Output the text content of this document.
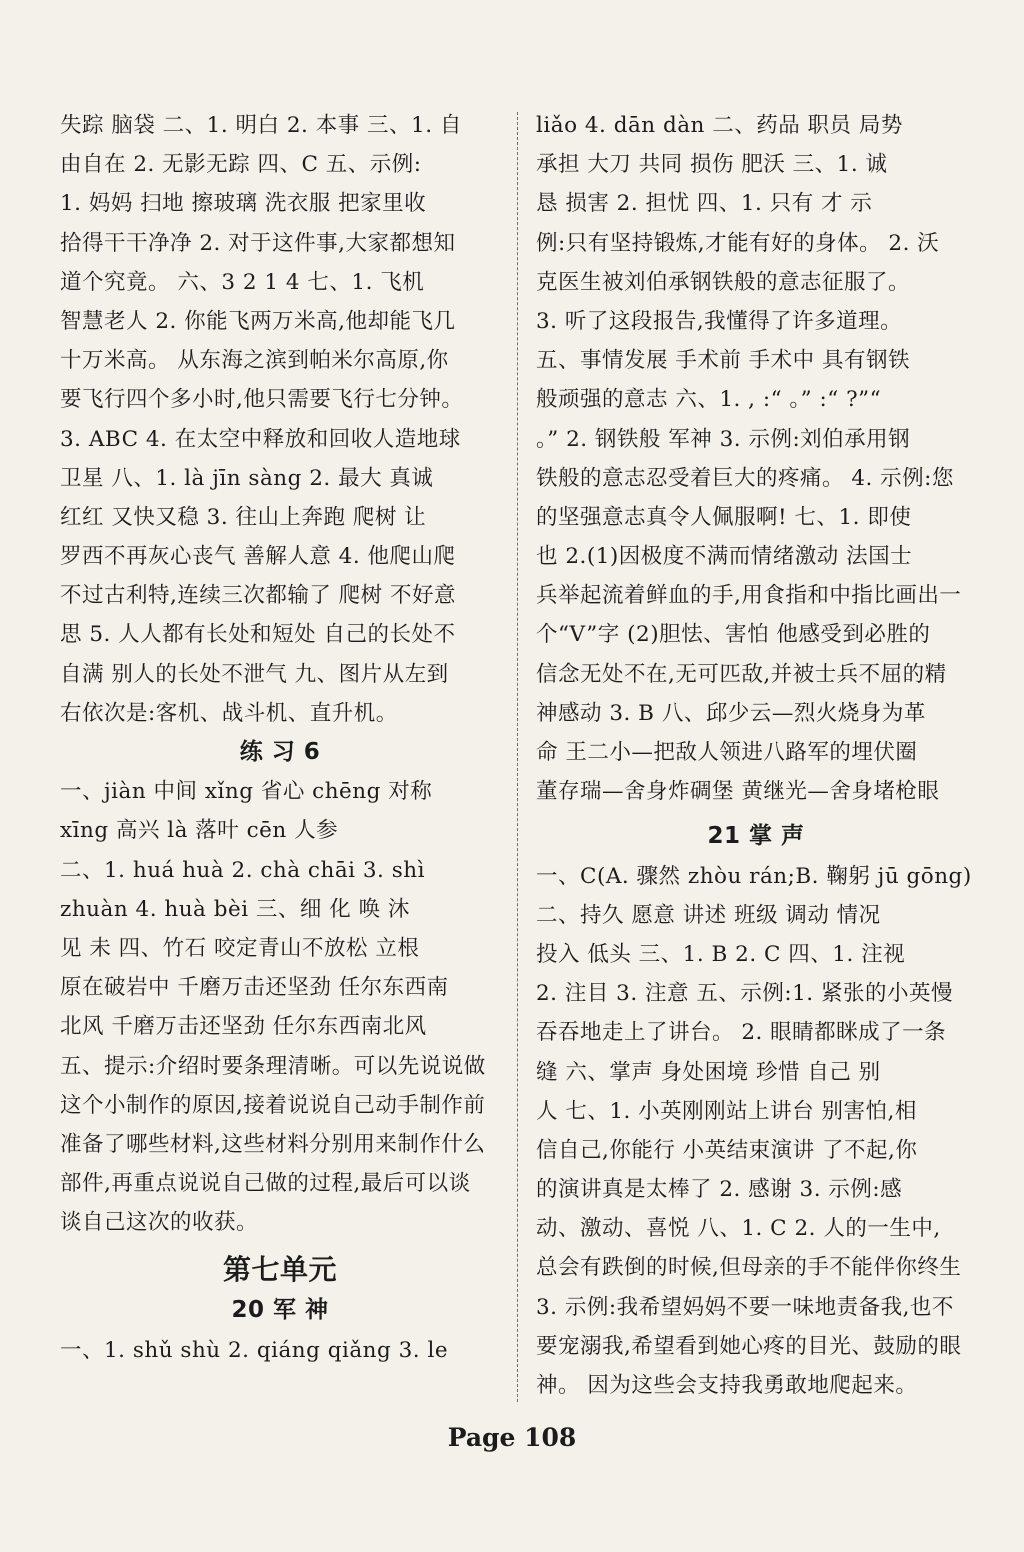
失踪 脑袋 二、1. 明白 2. 本事 三、1. 自
由自在 2. 无影无踪 四、C 五、示例:
1. 妈妈 扫地 擦玻璃 洗衣服 把家里收
拾得干干净净 2. 对于这件事,大家都想知
道个究竟。 六、3 2 1 4 七、1. 飞机
智慧老人 2. 你能飞两万米高,他却能飞几
十万米高。 从东海之滨到帕米尔高原,你
要飞行四个多小时,他只需要飞行七分钟。
3. ABC 4. 在太空中释放和回收人造地球
卫星 八、1. là jīn sàng 2. 最大 真诚
红红 又快又稳 3. 往山上奔跑 爬树 让
罗西不再灰心丧气 善解人意 4. 他爬山爬
不过古利特,连续三次都输了 爬树 不好意
思 5. 人人都有长处和短处 自己的长处不
自满 别人的长处不泄气 九、图片从左到
右依次是:客机、战斗机、直升机。
练 习 6
一、jiàn 中间 xǐng 省心 chēng 对称
xīng 高兴 là 落叶 cēn 人参
二、1. huá huà 2. chà chāi 3. shì
zhuàn 4. huà bèi 三、细 化 唤 沐
见 未 四、竹石 咬定青山不放松 立根
原在破岩中 千磨万击还坚劲 任尔东西南
北风 千磨万击还坚劲 任尔东西南北风
五、提示:介绍时要条理清晰。可以先说说做
这个小制作的原因,接着说说自己动手制作前
准备了哪些材料,这些材料分别用来制作什么
部件,再重点说说自己做的过程,最后可以谈
谈自己这次的收获。
第七单元
20 军 神
一、1. shǔ shù 2. qiáng qiǎng 3. le
liǎo 4. dān dàn 二、药品 职员 局势
承担 大刀 共同 损伤 肥沃 三、1. 诚
恳 损害 2. 担忧 四、1. 只有 才 示
例:只有坚持锻炼,才能有好的身体。 2. 沃
克医生被刘伯承钢铁般的意志征服了。
3. 听了这段报告,我懂得了许多道理。
五、事情发展 手术前 手术中 具有钢铁
般顽强的意志 六、1. , :“ 。” :“ ?”“
。” 2. 钢铁般 军神 3. 示例:刘伯承用钢
铁般的意志忍受着巨大的疼痛。 4. 示例:您
的坚强意志真令人佩服啊! 七、1. 即使
也 2.(1)因极度不满而情绪激动 法国士
兵举起流着鲜血的手,用食指和中指比画出一
个“V”字 (2)胆怯、害怕 他感受到必胜的
信念无处不在,无可匹敌,并被士兵不屈的精
神感动 3. B 八、邱少云—烈火烧身为革
命 王二小—把敌人领进八路军的埋伏圈
董存瑞—舍身炸碉堡 黄继光—舍身堵枪眼
21 掌 声
一、C(A. 骤然 zhòu rán;B. 鞠躬 jū gōng)
二、持久 愿意 讲述 班级 调动 情况
投入 低头 三、1. B 2. C 四、1. 注视
2. 注目 3. 注意 五、示例:1. 紧张的小英慢
吞吞地走上了讲台。 2. 眼睛都眯成了一条
缝 六、掌声 身处困境 珍惜 自己 别
人 七、1. 小英刚刚站上讲台 别害怕,相
信自己,你能行 小英结束演讲 了不起,你
的演讲真是太棒了 2. 感谢 3. 示例:感
动、激动、喜悦 八、1. C 2. 人的一生中,
总会有跌倒的时候,但母亲的手不能伴你终生
3. 示例:我希望妈妈不要一味地责备我,也不
要宠溺我,希望看到她心疼的目光、鼓励的眼
神。 因为这些会支持我勇敢地爬起来。
Page 108
